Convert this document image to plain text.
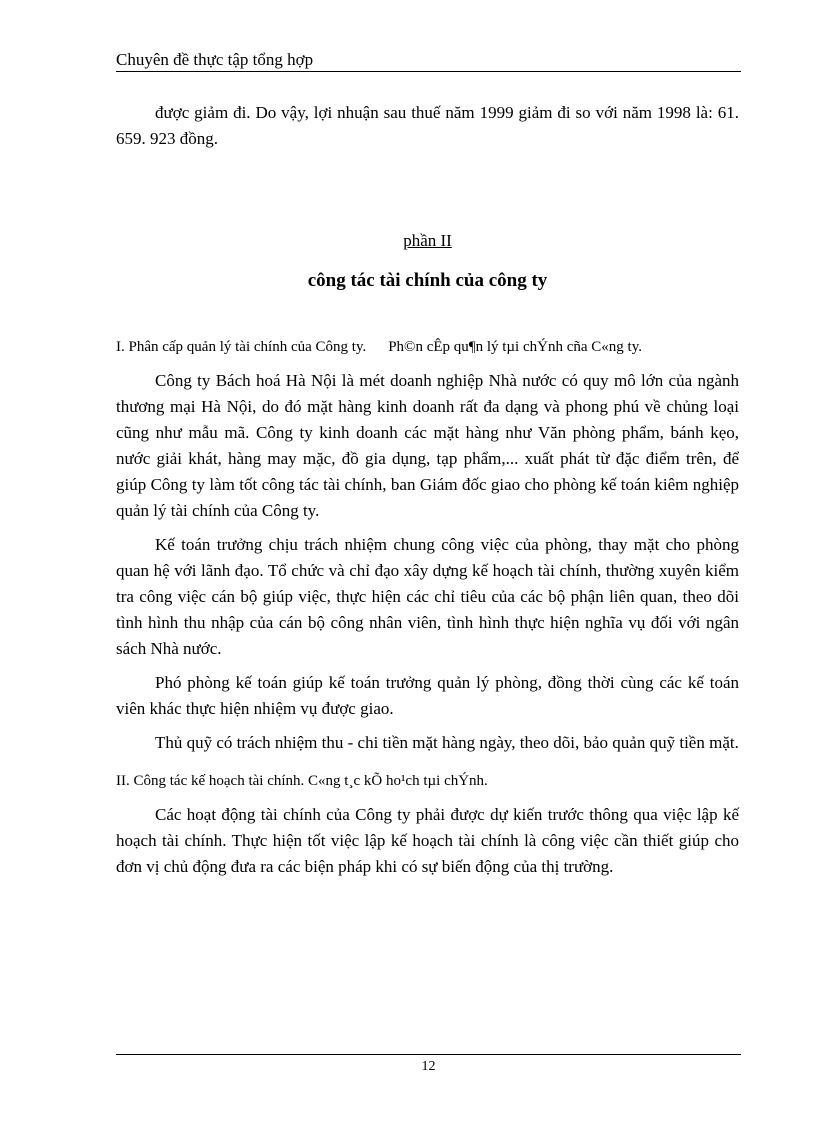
Chuyên đề thực tập tổng hợp

được giảm đi. Do vậy, lợi nhuận sau thuế năm 1999 giảm đi so với năm 1998 là: 61. 659. 923 đồng.

phần II

công tác tài chính của công ty

I. Phân cấp quản lý tài chính của Công ty. Ph©n cÊp qu¶n lý tµi chÝnh cña C«ng ty.

Công ty Bách hoá Hà Nội là mét doanh nghiệp Nhà nước có quy mô lớn của ngành thương mại Hà Nội, do đó mặt hàng kinh doanh rất đa dạng và phong phú về chủng loại cũng như mẫu mã. Công ty kinh doanh các mặt hàng như Văn phòng phẩm, bánh kẹo, nước giải khát, hàng may mặc, đồ gia dụng, tạp phẩm,... xuất phát từ đặc điểm trên, để giúp Công ty làm tốt công tác tài chính, ban Giám đốc giao cho phòng kế toán kiêm nghiệp quản lý tài chính của Công ty.

Kế toán trưởng chịu trách nhiệm chung công việc của phòng, thay mặt cho phòng quan hệ với lãnh đạo. Tổ chức và chỉ đạo xây dựng kế hoạch tài chính, thường xuyên kiểm tra công việc cán bộ giúp việc, thực hiện các chỉ tiêu của các bộ phận liên quan, theo dõi tình hình thu nhập của cán bộ công nhân viên, tình hình thực hiện nghĩa vụ đối với ngân sách Nhà nước.

Phó phòng kế toán giúp kế toán trưởng quản lý phòng, đồng thời cùng các kế toán viên khác thực hiện nhiệm vụ được giao.

Thủ quỹ có trách nhiệm thu - chi tiền mặt hàng ngày, theo dõi, bảo quản quỹ tiền mặt.

II. Công tác kế hoạch tài chính. C«ng t¸c kÕ ho¹ch tµi chÝnh.

Các hoạt động tài chính của Công ty phải được dự kiến trước thông qua việc lập kế hoạch tài chính. Thực hiện tốt việc lập kế hoạch tài chính là công việc cần thiết giúp cho đơn vị chủ động đưa ra các biện pháp khi có sự biến động của thị trường.

12
